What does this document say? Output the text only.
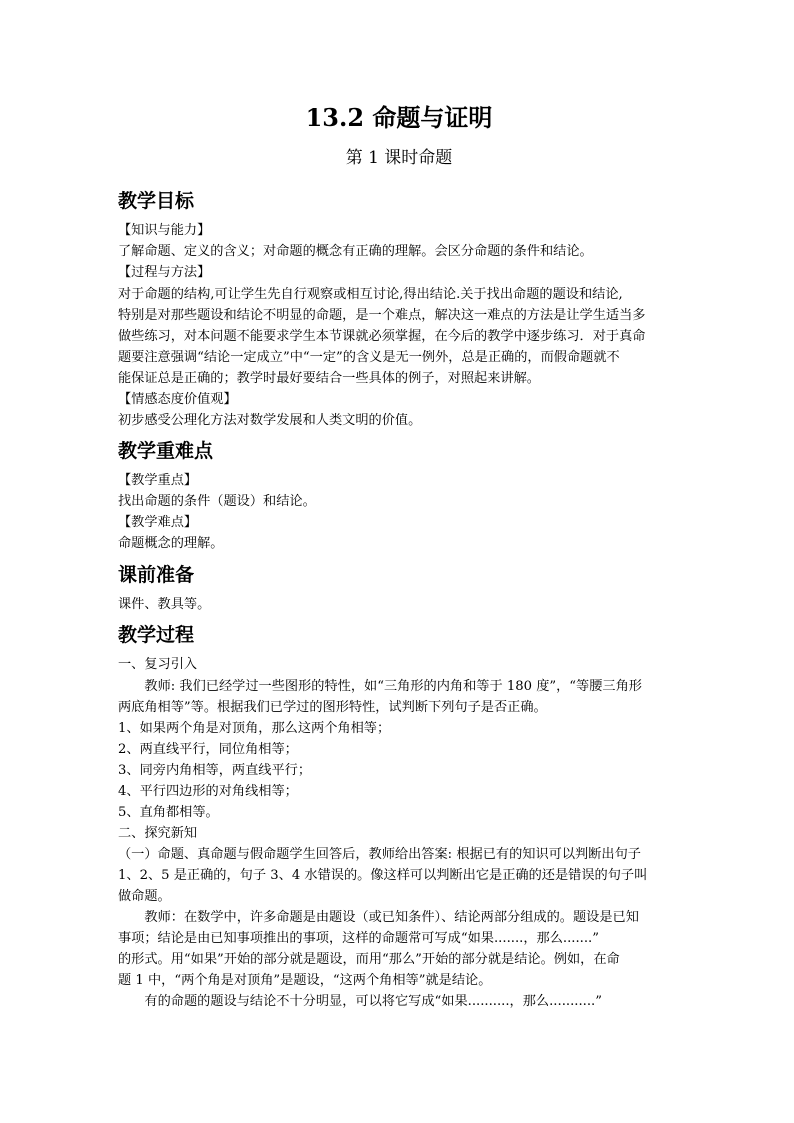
13.2 命题与证明
第 1 课时命题
教学目标

【知识与能力】

了解命题、定义的含义；对命题的概念有正确的理解。会区分命题的条件和结论。

【过程与方法】

对于命题的结构,可让学生先自行观察或相互讨论,得出结论.关于找出命题的题设和结论,

特别是对那些题设和结论不明显的命题，是一个难点，解决这一难点的方法是让学生适当多

做些练习，对本问题不能要求学生本节课就必须掌握，在今后的教学中逐步练习．对于真命

题要注意强调“结论一定成立”中“一定”的含义是无一例外，总是正确的，而假命题就不

能保证总是正确的；教学时最好要结合一些具体的例子，对照起来讲解。

【情感态度价值观】

初步感受公理化方法对数学发展和人类文明的价值。

教学重难点

【教学重点】

找出命题的条件（题设）和结论。

【教学难点】

命题概念的理解。

课前准备

课件、教具等。

教学过程

一、复习引入

教师: 我们已经学过一些图形的特性，如“三角形的内角和等于 180 度”，“等腰三角形

两底角相等”等。根据我们已学过的图形特性，试判断下列句子是否正确。

1、如果两个角是对顶角，那么这两个角相等；

2、两直线平行，同位角相等；

3、同旁内角相等，两直线平行；

4、平行四边形的对角线相等；

5、直角都相等。

二、探究新知

（一）命题、真命题与假命题学生回答后，教师给出答案: 根据已有的知识可以判断出句子

1、2、5 是正确的，句子 3、4 水错误的。像这样可以判断出它是正确的还是错误的句子叫

做命题。

教师：在数学中，许多命题是由题设（或已知条件）、结论两部分组成的。题设是已知

事项；结论是由已知事项推出的事项，这样的命题常可写成“如果.......，那么.......”

的形式。用“如果”开始的部分就是题设，而用“那么”开始的部分就是结论。例如，在命

题 1 中，“两个角是对顶角”是题设，“这两个角相等”就是结论。

有的命题的题设与结论不十分明显，可以将它写成“如果..........，那么...........”
